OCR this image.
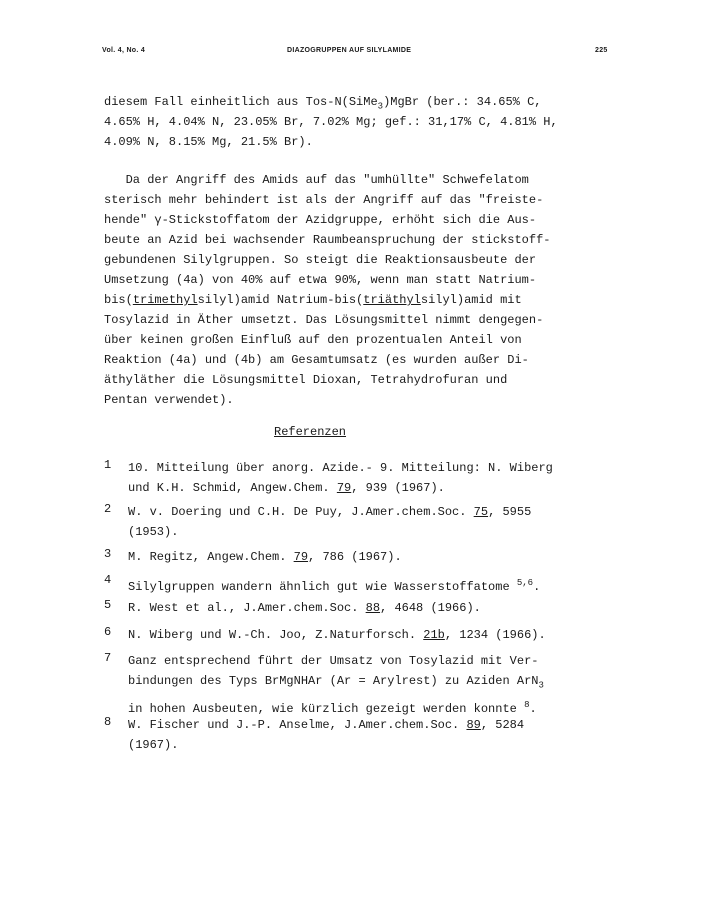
Vol. 4, No. 4	DIAZOGRUPPEN AUF SILYLAMIDE	225
diesem Fall einheitlich aus Tos-N(SiMe$_3$)MgBr (ber.: 34.65% C,
4.65% H, 4.04% N, 23.05% Br, 7.02% Mg; gef.: 31,17% C, 4.81% H,
4.09% N, 8.15% Mg, 21.5% Br).
Da der Angriff des Amids auf das "umhüllte" Schwefelatom
sterisch mehr behindert ist als der Angriff auf das "freiste-
hende" γ-Stickstoffatom der Azidgruppe, erhöht sich die Aus-
beute an Azid bei wachsender Raumbeanspruchung der stickstoff-
gebundenen Silylgruppen. So steigt die Reaktionsausbeute der
Umsetzung (4a) von 40% auf etwa 90%, wenn man statt Natrium-
bis(trimethylsilyl)amid Natrium-bis(triäthylsilyl)amid mit
Tosylazid in Äther umsetzt. Das Lösungsmittel nimmt dengegen-
über keinen großen Einfluß auf den prozentualen Anteil von
Reaktion (4a) und (4b) am Gesamtumsatz (es wurden außer Di-
äthyläther die Lösungsmittel Dioxan, Tetrahydrofuran und
Pentan verwendet).
Referenzen
1 10. Mitteilung über anorg. Azide.- 9. Mitteilung: N. Wiberg
und K.H. Schmid, Angew.Chem. 79, 939 (1967).
2 W. v. Doering und C.H. De Puy, J.Amer.chem.Soc. 75, 5955
(1953).
3 M. Regitz, Angew.Chem. 79, 786 (1967).
4 Silylgruppen wandern ähnlich gut wie Wasserstoffatome $^{5,6}$.
5 R. West et al., J.Amer.chem.Soc. 88, 4648 (1966).
6 N. Wiberg und W.-Ch. Joo, Z.Naturforsch. 21b, 1234 (1966).
7 Ganz entsprechend führt der Umsatz von Tosylazid mit Ver-
bindungen des Typs BrMgNHAr (Ar = Arylrest) zu Aziden ArN$_3$
in hohen Ausbeuten, wie kürzlich gezeigt werden konnte $^8$.
8 W. Fischer und J.-P. Anselme, J.Amer.chem.Soc. 89, 5284
(1967).
